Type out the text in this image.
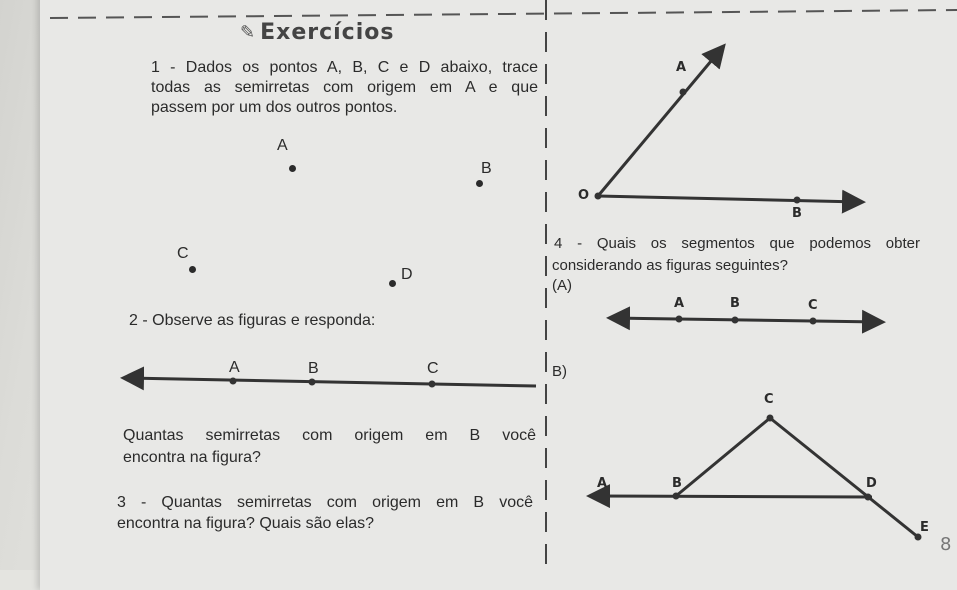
✎ Exercícios
1 - Dados os pontos A, B, C e D abaixo, trace
todas as semirretas com origem em A e que
passem por um dos outros pontos.
A
B
C
D
2 - Observe as figuras e responda:
A	B	C
Quantas semirretas com origem em B você
encontra na figura?
3 - Quantas semirretas com origem em B você
encontra na figura? Quais são elas?
A
O
B
4 - Quais os segmentos que podemos obter
considerando as figuras seguintes?
(A)
A	B	C
B)
C
A	B	D
E
8
